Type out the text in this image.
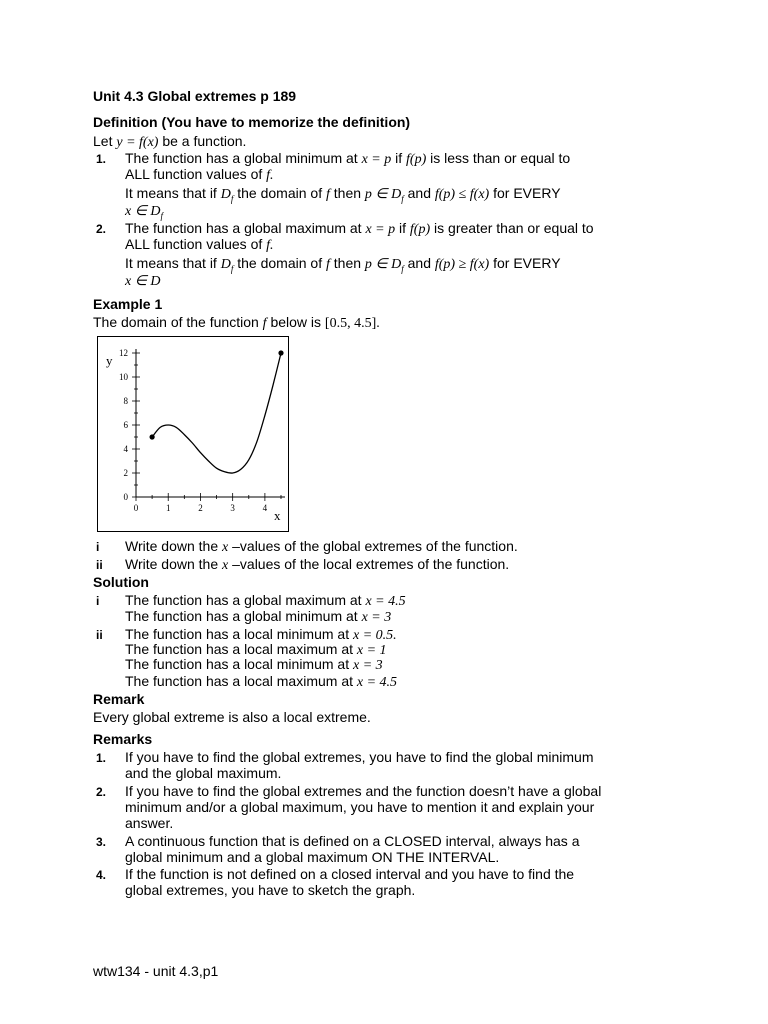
Unit 4.3 Global extremes p 189
Definition (You have to memorize the definition)
Let y = f(x) be a function.
1.	The function has a global minimum at x = p if f(p) is less than or equal to
ALL function values of f.
It means that if $D_f$ the domain of f then p ∈ $D_f$ and f(p) ≤ f(x) for EVERY
x ∈ $D_f$
2.	The function has a global maximum at x = p if f(p) is greater than or equal to
ALL function values of f.
It means that if $D_f$ the domain of f then p ∈ $D_f$ and f(p) ≥ f(x) for EVERY
x ∈ D
Example 1
The domain of the function f below is [0.5, 4.5].
0	1	2	3	4
0
2
4
6
8
10
12
y
x
i	Write down the x –values of the global extremes of the function.
ii	Write down the x –values of the local extremes of the function.
Solution
i	The function has a global maximum at x = 4.5
The function has a global minimum at x = 3
ii	The function has a local minimum at x = 0.5.
The function has a local maximum at x = 1
The function has a local minimum at x = 3
The function has a local maximum at x = 4.5
Remark
Every global extreme is also a local extreme.
Remarks
1.	If you have to find the global extremes, you have to find the global minimum
and the global maximum.
2.	If you have to find the global extremes and the function doesn’t have a global
minimum and/or a global maximum, you have to mention it and explain your
answer.
3.	A continuous function that is defined on a CLOSED interval, always has a
global minimum and a global maximum ON THE INTERVAL.
4.	If the function is not defined on a closed interval and you have to find the
global extremes, you have to sketch the graph.
wtw134 - unit 4.3,p1
